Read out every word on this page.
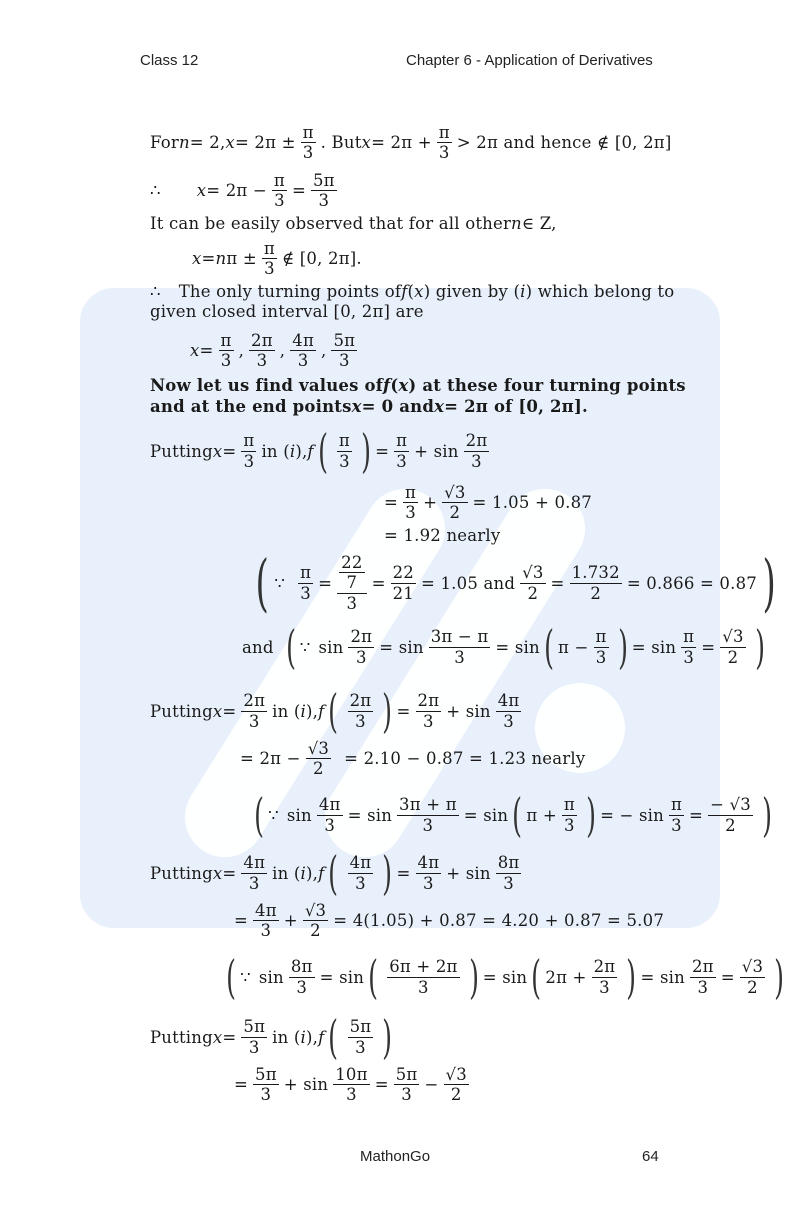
Class 12	Chapter 6 - Application of Derivatives
For n = 2, $x = 2\pi \pm \frac{\pi}{3}$ . But $x = 2\pi + \frac{\pi}{3} > 2\pi$ and hence ∉ [0, 2π]
∴ $x = 2\pi - \frac{\pi}{3} = \frac{5\pi}{3}$
It can be easily observed that for all other n ∈ Z,
x = n $\pi \pm \frac{\pi}{3}$ ∉ [0, 2π].
∴ The only turning points of f ( x ) given by ( i ) which belong to
given closed interval [0, 2π] are
$x = \frac{\pi}{3}$ , $\frac{2\pi}{3}$ , $\frac{4\pi}{3}$ , $\frac{5\pi}{3}$
Now let us find values of f ( x ) at these four turning points
and at the end points x = 0 and x = 2π of [0, 2π].
Putting $x = \frac{\pi}{3}$ in ( i ), f ( $\frac{\pi}{3}$
) = $\frac{\pi}{3} + \sin \frac{2\pi}{3}$
= $\frac{\pi}{3} + \frac{√3}{2} = 1.05 + 0.87$
= 1.92 nearly
( ∵ $\frac{\pi}{3} = \frac{\frac{22}{7}}{3} = \frac{22}{21} = 1.05$ and $\frac{√3}{2} = \frac{1.732}{2} = 0.866 = 0.87$
)
and ( ∵ $\sin \frac{2\pi}{3} = \sin \frac{3\pi - \pi}{3} = \sin$ ( $\pi - \frac{\pi}{3}$
) = $\sin \frac{\pi}{3} = \frac{√3}{2}$
)
Putting $x = \frac{2\pi}{3}$ in ( i ), f ( $\frac{2\pi}{3}$
) = $\frac{2\pi}{3} + \sin \frac{4\pi}{3}$
= $2\pi - \frac{√3}{2} = 2.10 - 0.87 = 1.23$ nearly
( ∵ $\sin \frac{4\pi}{3} = \sin \frac{3\pi + \pi}{3} = \sin$ ( $\pi + \frac{\pi}{3}$
) = − $\sin \frac{\pi}{3} = \frac{- √3}{2}$
)
Putting $x = \frac{4\pi}{3}$ in ( i ), f ( $\frac{4\pi}{3}$
) = $\frac{4\pi}{3} + \sin \frac{8\pi}{3}$
= $\frac{4\pi}{3} + \frac{√3}{2} = 4(1.05) + 0.87 = 4.20 + 0.87 = 5.07$
( ∵ $\sin \frac{8\pi}{3} = \sin$ ( $\frac{6\pi + 2\pi}{3}$
) = sin ( $2\pi + \frac{2\pi}{3}$
) = $\sin \frac{2\pi}{3} = \frac{√3}{2}$
)
Putting $x = \frac{5\pi}{3}$ in ( i ), f ( $\frac{5\pi}{3}$
)
= $\frac{5\pi}{3} + \sin \frac{10\pi}{3} = \frac{5\pi}{3} - \frac{√3}{2}$
MathonGo	64
